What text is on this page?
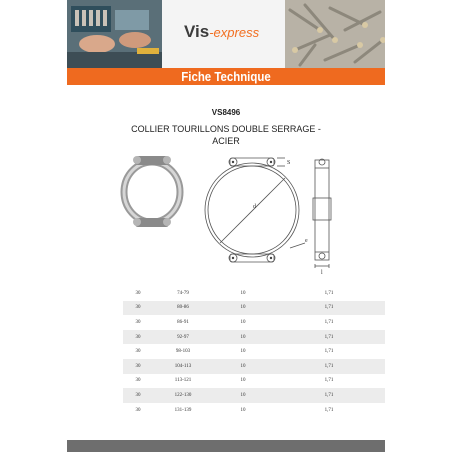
Vis-express
Fiche Technique
VS8496
COLLIER TOURILLONS DOUBLE SERRAGE -
ACIER
S
d
e
l
30	74-79	10	1,71
30	80-86	10	1,71
30	86-91	10	1,71
30	92-97	10	1,71
30	98-103	10	1,71
30	104-113	10	1,71
30	113-121	10	1,71
30	122-130	10	1,71
30	131-139	10	1,71
